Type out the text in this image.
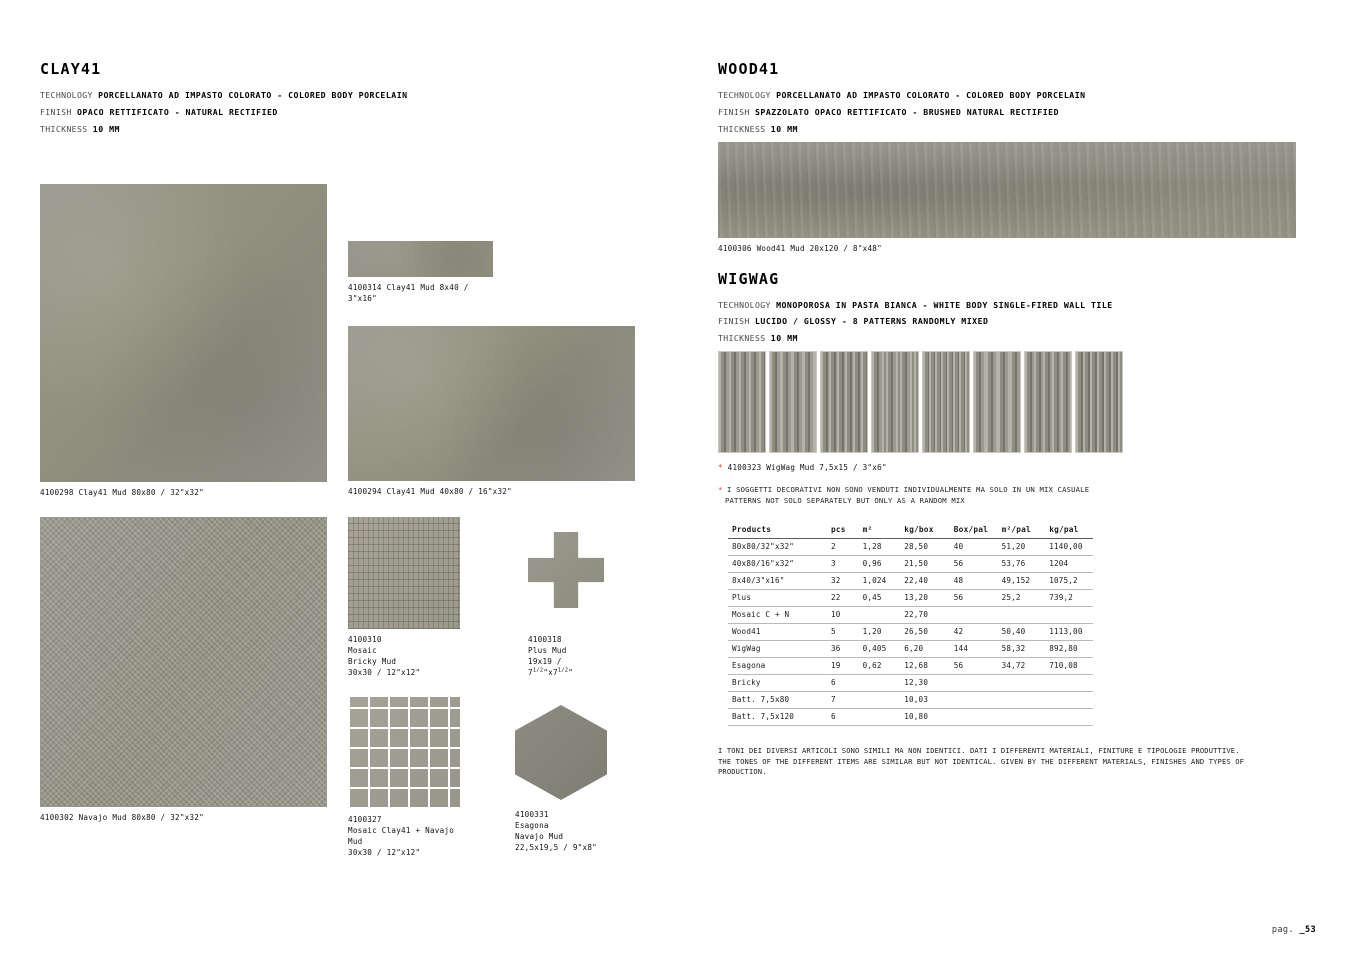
CLAY41

TECHNOLOGY PORCELLANATO AD IMPASTO COLORATO - COLORED BODY PORCELAIN

FINISH OPACO RETTIFICATO - NATURAL RECTIFIED

THICKNESS 10 MM

4100298 Clay41 Mud 80x80 / 32"x32"
4100314 Clay41 Mud 8x40 / 3"x16"
4100294 Clay41 Mud 40x80 / 16"x32"
4100302 Navajo Mud 80x80 / 32"x32"
4100310
Mosaic
Bricky Mud
30x30 / 12"x12"
4100318
Plus Mud
$19x19 / 7^{1/2}"x7^{1/2}$"
4100327
Mosaic Clay41 + Navajo
Mud
30x30 / 12"x12"
4100331
Esagona
Navajo Mud
22,5x19,5 / 9"x8"
WOOD41

TECHNOLOGY PORCELLANATO AD IMPASTO COLORATO - COLORED BODY PORCELAIN

FINISH SPAZZOLATO OPACO RETTIFICATO - BRUSHED NATURAL RECTIFIED

THICKNESS 10 MM

4100306 Wood41 Mud 20x120 / 8"x48"
WIGWAG

TECHNOLOGY MONOPOROSA IN PASTA BIANCA - WHITE BODY SINGLE-FIRED WALL TILE

FINISH LUCIDO / GLOSSY - 8 PATTERNS RANDOMLY MIXED

THICKNESS 10 MM

* 4100323 WigWag Mud 7,5x15 / 3"x6"
* I SOGGETTI DECORATIVI NON SONO VENDUTI INDIVIDUALMENTE MA SOLO IN UN MIX CASUALE
PATTERNS NOT SOLO SEPARATELY BUT ONLY AS A RANDOM MIX
Products	pcs	m²	kg/box	Box/pal	m²/pal	kg/pal
80x80/32"x32"	2	1,28	28,50	40	51,20	1140,00
40x80/16"x32"	3	0,96	21,50	56	53,76	1204
8x40/3"x16"	32	1,024	22,40	48	49,152	1075,2
Plus	22	0,45	13,20	56	25,2	739,2
Mosaic C + N	10		22,70			
Wood41	5	1,20	26,50	42	50,40	1113,00
WigWag	36	0,405	6,20	144	58,32	892,80
Esagona	19	0,62	12,68	56	34,72	710,08
Bricky	6		12,30			
Batt. 7,5x80	7		10,03			
Batt. 7,5x120	6		10,80			
I TONI DEI DIVERSI ARTICOLI SONO SIMILI MA NON IDENTICI. DATI I DIFFERENTI MATERIALI, FINITURE E TIPOLOGIE PRODUTTIVE.
THE TONES OF THE DIFFERENT ITEMS ARE SIMILAR BUT NOT IDENTICAL. GIVEN BY THE DIFFERENT MATERIALS, FINISHES AND TYPES OF
PRODUCTION.
pag. _53
